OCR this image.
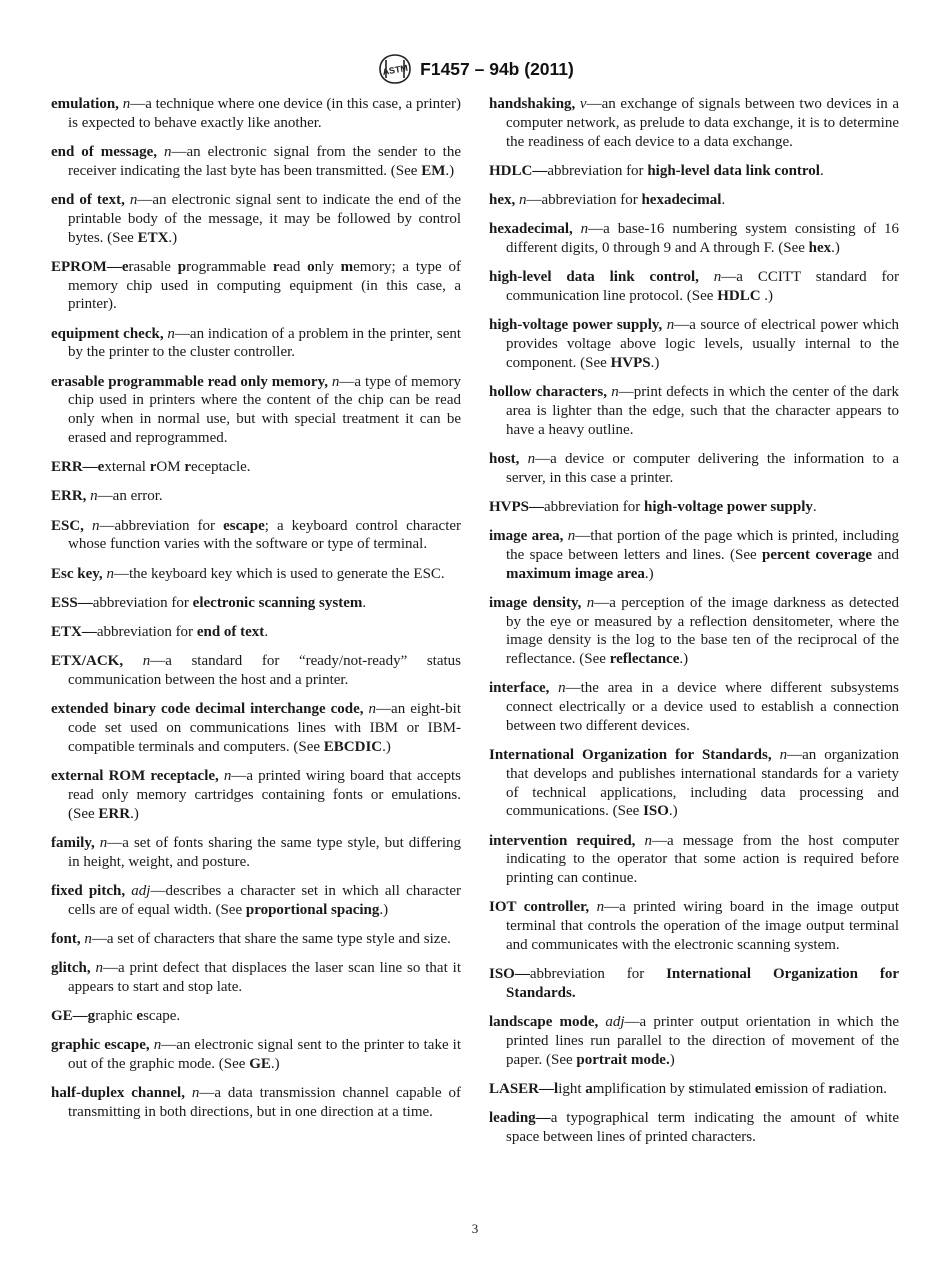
ASTM F1457 – 94b (2011)

emulation, n—a technique where one device (in this case, a printer) is expected to behave exactly like another.

end of message, n—an electronic signal from the sender to the receiver indicating the last byte has been transmitted. (See EM.)

end of text, n—an electronic signal sent to indicate the end of the printable body of the message, it may be followed by control bytes. (See ETX.)

EPROM—erasable programmable read only memory; a type of memory chip used in computing equipment (in this case, a printer).

equipment check, n—an indication of a problem in the printer, sent by the printer to the cluster controller.

erasable programmable read only memory, n—a type of memory chip used in printers where the content of the chip can be read only when in normal use, but with special treatment it can be erased and reprogrammed.

ERR—external rOM receptacle.

ERR, n—an error.

ESC, n—abbreviation for escape; a keyboard control character whose function varies with the software or type of terminal.

Esc key, n—the keyboard key which is used to generate the ESC.

ESS—abbreviation for electronic scanning system.

ETX—abbreviation for end of text.

ETX/ACK, n—a standard for “ready/not-ready” status communication between the host and a printer.

extended binary code decimal interchange code, n—an eight-bit code set used on communications lines with IBM or IBM-compatible terminals and computers. (See EBCDIC.)

external ROM receptacle, n—a printed wiring board that accepts read only memory cartridges containing fonts or emulations. (See ERR.)

family, n—a set of fonts sharing the same type style, but differing in height, weight, and posture.

fixed pitch, adj—describes a character set in which all character cells are of equal width. (See proportional spacing.)

font, n—a set of characters that share the same type style and size.

glitch, n—a print defect that displaces the laser scan line so that it appears to start and stop late.

GE—graphic escape.

graphic escape, n—an electronic signal sent to the printer to take it out of the graphic mode. (See GE.)

half-duplex channel, n—a data transmission channel capable of transmitting in both directions, but in one direction at a time.

handshaking, v—an exchange of signals between two devices in a computer network, as prelude to data exchange, it is to determine the readiness of each device to a data exchange.

HDLC—abbreviation for high-level data link control.

hex, n—abbreviation for hexadecimal.

hexadecimal, n—a base-16 numbering system consisting of 16 different digits, 0 through 9 and A through F. (See hex.)

high-level data link control, n—a CCITT standard for communication line protocol. (See HDLC .)

high-voltage power supply, n—a source of electrical power which provides voltage above logic levels, usually internal to the component. (See HVPS.)

hollow characters, n—print defects in which the center of the dark area is lighter than the edge, such that the character appears to have a heavy outline.

host, n—a device or computer delivering the information to a server, in this case a printer.

HVPS—abbreviation for high-voltage power supply.

image area, n—that portion of the page which is printed, including the space between letters and lines. (See percent coverage and maximum image area.)

image density, n—a perception of the image darkness as detected by the eye or measured by a reflection densitometer, where the image density is the log to the base ten of the reciprocal of the reflectance. (See reflectance.)

interface, n—the area in a device where different subsystems connect electrically or a device used to establish a connection between two different devices.

International Organization for Standards, n—an organization that develops and publishes international standards for a variety of technical applications, including data processing and communications. (See ISO.)

intervention required, n—a message from the host computer indicating to the operator that some action is required before printing can continue.

IOT controller, n—a printed wiring board in the image output terminal that controls the operation of the image output terminal and communicates with the electronic scanning system.

ISO—abbreviation for International Organization for Standards.

landscape mode, adj—a printer output orientation in which the printed lines run parallel to the direction of movement of the paper. (See portrait mode.)

LASER—light amplification by stimulated emission of radiation.

leading—a typographical term indicating the amount of white space between lines of printed characters.

3
